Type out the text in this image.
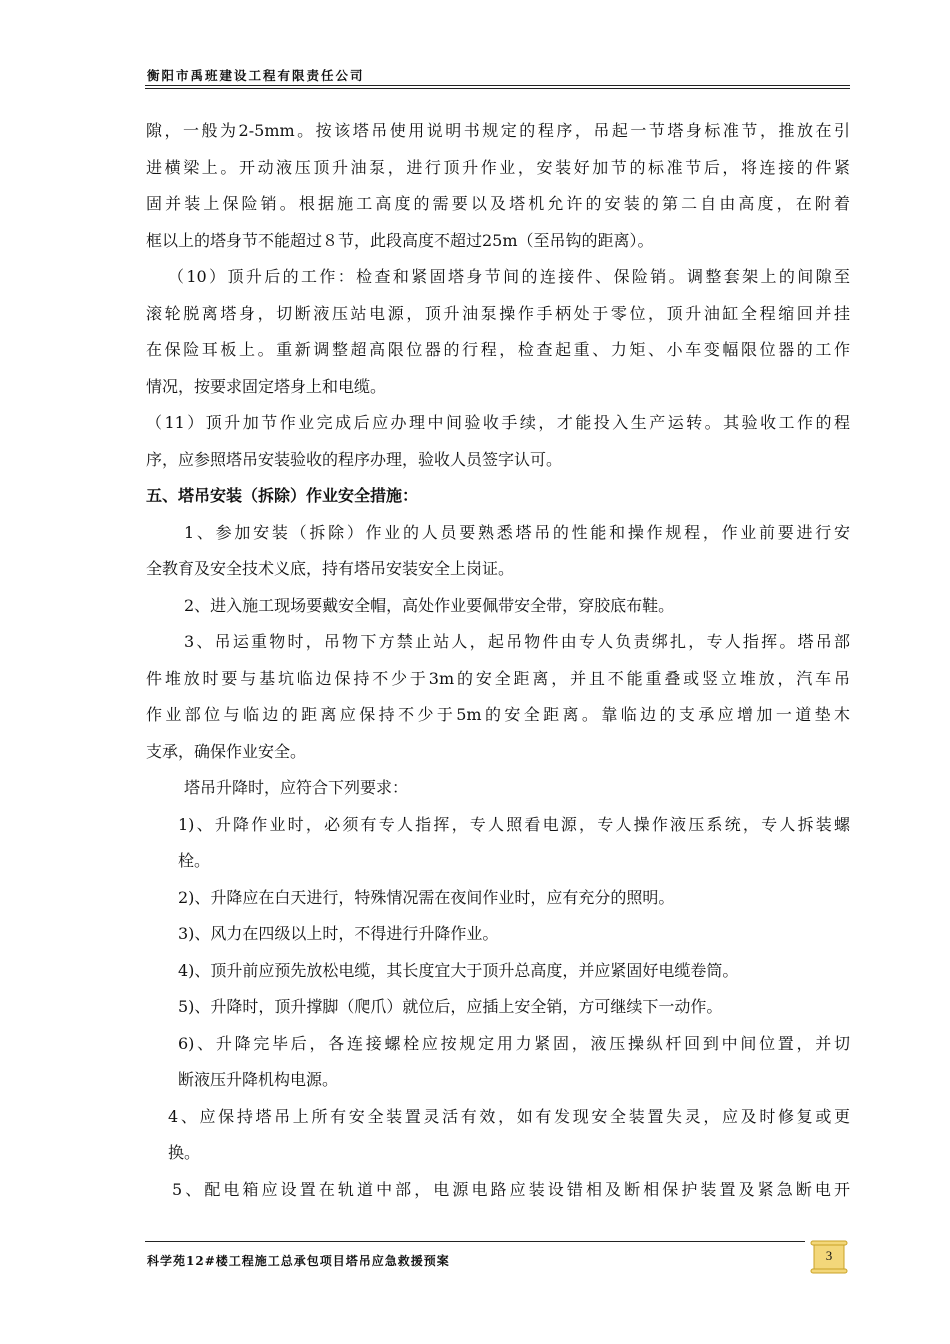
衡阳市禹班建设工程有限责任公司
隙，一般为2-5mm。按该塔吊使用说明书规定的程序，吊起一节塔身标准节，推放在引
进横梁上。开动液压顶升油泵，进行顶升作业，安装好加节的标准节后，将连接的件紧
固并装上保险销。根据施工高度的需要以及塔机允许的安装的第二自由高度，在附着
框以上的塔身节不能超过８节，此段高度不超过25m（至吊钩的距离）。
（10）顶升后的工作：检查和紧固塔身节间的连接件、保险销。调整套架上的间隙至
滚轮脱离塔身，切断液压站电源，顶升油泵操作手柄处于零位，顶升油缸全程缩回并挂
在保险耳板上。重新调整超高限位器的行程，检查起重、力矩、小车变幅限位器的工作
情况，按要求固定塔身上和电缆。
（11）顶升加节作业完成后应办理中间验收手续，才能投入生产运转。其验收工作的程
序，应参照塔吊安装验收的程序办理，验收人员签字认可。
五、塔吊安装（拆除）作业安全措施：
1、参加安装（拆除）作业的人员要熟悉塔吊的性能和操作规程，作业前要进行安
全教育及安全技术义底，持有塔吊安装安全上岗证。
2、进入施工现场要戴安全帽，高处作业要佩带安全带，穿胶底布鞋。
3、吊运重物时，吊物下方禁止站人，起吊物件由专人负责绑扎，专人指挥。塔吊部
件堆放时要与基坑临边保持不少于3m的安全距离，并且不能重叠或竖立堆放，汽车吊
作业部位与临边的距离应保持不少于5m的安全距离。靠临边的支承应增加一道垫木
支承，确保作业安全。
塔吊升降时，应符合下列要求：
1)、升降作业时，必须有专人指挥，专人照看电源，专人操作液压系统，专人拆装螺
栓。
2)、升降应在白天进行，特殊情况需在夜间作业时，应有充分的照明。
3)、风力在四级以上时，不得进行升降作业。
4)、顶升前应预先放松电缆，其长度宜大于顶升总高度，并应紧固好电缆卷筒。
5)、升降时，顶升撑脚（爬爪）就位后，应插上安全销，方可继续下一动作。
6)、升降完毕后，各连接螺栓应按规定用力紧固，液压操纵杆回到中间位置，并切
断液压升降机构电源。
4、应保持塔吊上所有安全装置灵活有效，如有发现安全装置失灵，应及时修复或更
换。
5、配电箱应设置在轨道中部，电源电路应装设错相及断相保护装置及紧急断电开
科学苑12#楼工程施工总承包项目塔吊应急救援预案	3
